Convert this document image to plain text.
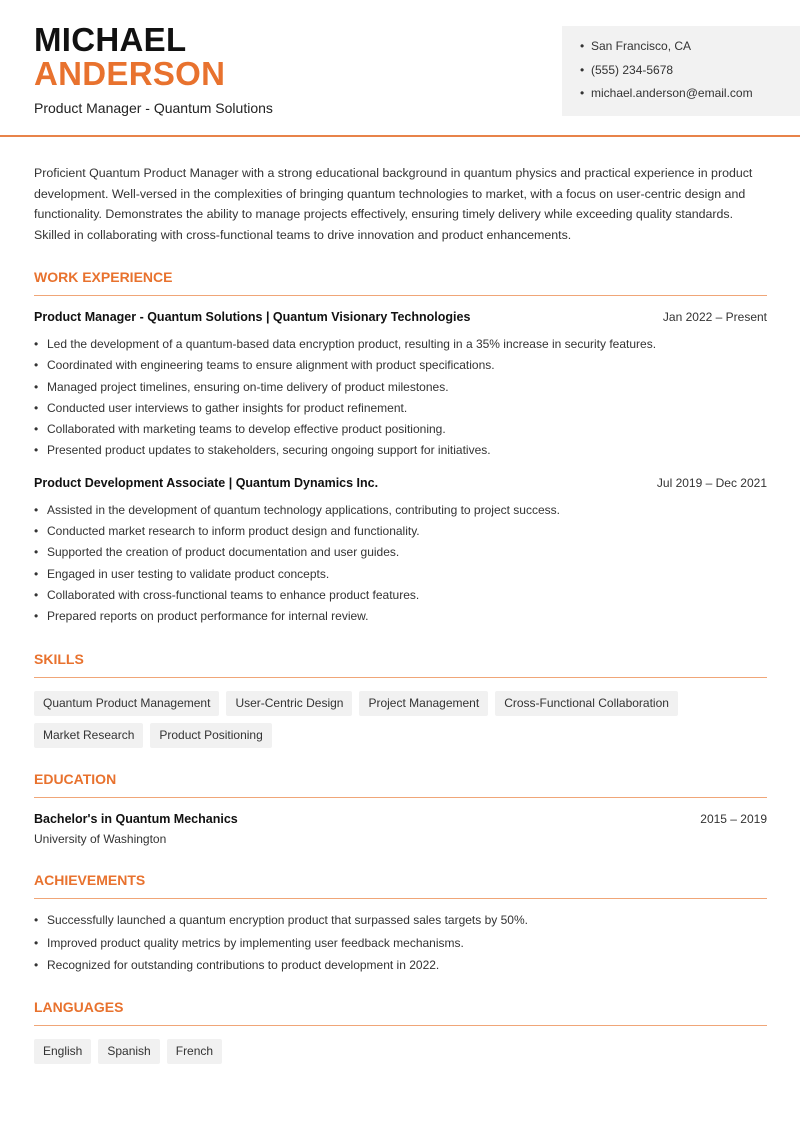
MICHAEL
ANDERSON
Product Manager - Quantum Solutions
• San Francisco, CA
• (555) 234-5678
• michael.anderson@email.com
Proficient Quantum Product Manager with a strong educational background in quantum physics and practical experience in product development. Well-versed in the complexities of bringing quantum technologies to market, with a focus on user-centric design and functionality. Demonstrates the ability to manage projects effectively, ensuring timely delivery while exceeding quality standards. Skilled in collaborating with cross-functional teams to drive innovation and product enhancements.
WORK EXPERIENCE
Product Manager - Quantum Solutions | Quantum Visionary Technologies	Jan 2022 – Present
• Led the development of a quantum-based data encryption product, resulting in a 35% increase in security features.
• Coordinated with engineering teams to ensure alignment with product specifications.
• Managed project timelines, ensuring on-time delivery of product milestones.
• Conducted user interviews to gather insights for product refinement.
• Collaborated with marketing teams to develop effective product positioning.
• Presented product updates to stakeholders, securing ongoing support for initiatives.
Product Development Associate | Quantum Dynamics Inc.	Jul 2019 – Dec 2021
• Assisted in the development of quantum technology applications, contributing to project success.
• Conducted market research to inform product design and functionality.
• Supported the creation of product documentation and user guides.
• Engaged in user testing to validate product concepts.
• Collaborated with cross-functional teams to enhance product features.
• Prepared reports on product performance for internal review.
SKILLS
Quantum Product Management	User-Centric Design	Project Management	Cross-Functional Collaboration
Market Research	Product Positioning
EDUCATION
Bachelor's in Quantum Mechanics	2015 – 2019
University of Washington
ACHIEVEMENTS
• Successfully launched a quantum encryption product that surpassed sales targets by 50%.
• Improved product quality metrics by implementing user feedback mechanisms.
• Recognized for outstanding contributions to product development in 2022.
LANGUAGES
English	Spanish	French
